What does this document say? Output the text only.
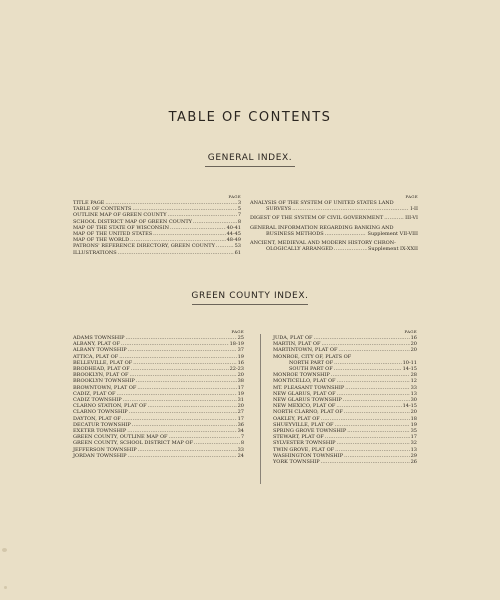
TABLE OF CONTENTS
GENERAL INDEX.
PAGE
TITLE PAGE .....	3
TABLE OF CONTENTS .....	5
OUTLINE MAP OF GREEN COUNTY .....	7
SCHOOL DISTRICT MAP OF GREEN COUNTY .....	8
MAP OF THE STATE OF WISCONSIN .....	40-41
MAP OF THE UNITED STATES .....	44-45
MAP OF THE WORLD .....	48-49
PATRONS' REFERENCE DIRECTORY, GREEN COUNTY .....	53
ILLUSTRATIONS .....	61
PAGE
ANALYSIS OF THE SYSTEM OF UNITED STATES LAND
SURVEYS .....	I-II
DIGEST OF THE SYSTEM OF CIVIL GOVERNMENT .....	III-VI
GENERAL INFORMATION REGARDING BANKING AND
BUSINESS METHODS .....	Supplement VII-VIII
ANCIENT, MEDIEVAL AND MODERN HISTORY CHRON-
OLOGICALLY ARRANGED .....	Supplement IX-XXII
GREEN COUNTY INDEX.
PAGE
ADAMS TOWNSHIP .....	25
ALBANY, PLAT OF .....	18-19
ALBANY TOWNSHIP .....	37
ATTICA, PLAT OF .....	19
BELLEVILLE, PLAT OF .....	16
BRODHEAD, PLAT OF .....	22-23
BROOKLYN, PLAT OF .....	20
BROOKLYN TOWNSHIP .....	38
BROWNTOWN, PLAT OF .....	17
CADIZ, PLAT OF .....	19
CADIZ TOWNSHIP .....	31
CLARNO STATION, PLAT OF .....	20
CLARNO TOWNSHIP .....	27
DAYTON, PLAT OF .....	17
DECATUR TOWNSHIP .....	36
EXETER TOWNSHIP .....	34
GREEN COUNTY, OUTLINE MAP OF .....	7
GREEN COUNTY, SCHOOL DISTRICT MAP OF .....	8
JEFFERSON TOWNSHIP .....	33
JORDAN TOWNSHIP .....	24
PAGE
JUDA, PLAT OF .....	16
MARTIN, PLAT OF .....	20
MARTINTOWN, PLAT OF .....	20
MONROE, CITY OF, PLATS OF
NORTH PART OF .....	10-11
SOUTH PART OF .....	14-15
MONROE TOWNSHIP .....	28
MONTICELLO, PLAT OF .....	12
MT. PLEASANT TOWNSHIP .....	33
NEW GLARUS, PLAT OF .....	13
NEW GLARUS TOWNSHIP .....	30
NEW MEXICO, PLAT OF .....	14-15
NORTH CLARNO, PLAT OF .....	20
OAKLEY, PLAT OF .....	18
SHUEYVILLE, PLAT OF .....	19
SPRING GROVE TOWNSHIP .....	35
STEWART, PLAT OF .....	17
SYLVESTER TOWNSHIP .....	32
TWIN GROVE, PLAT OF .....	13
WASHINGTON TOWNSHIP .....	29
YORK TOWNSHIP .....	26
